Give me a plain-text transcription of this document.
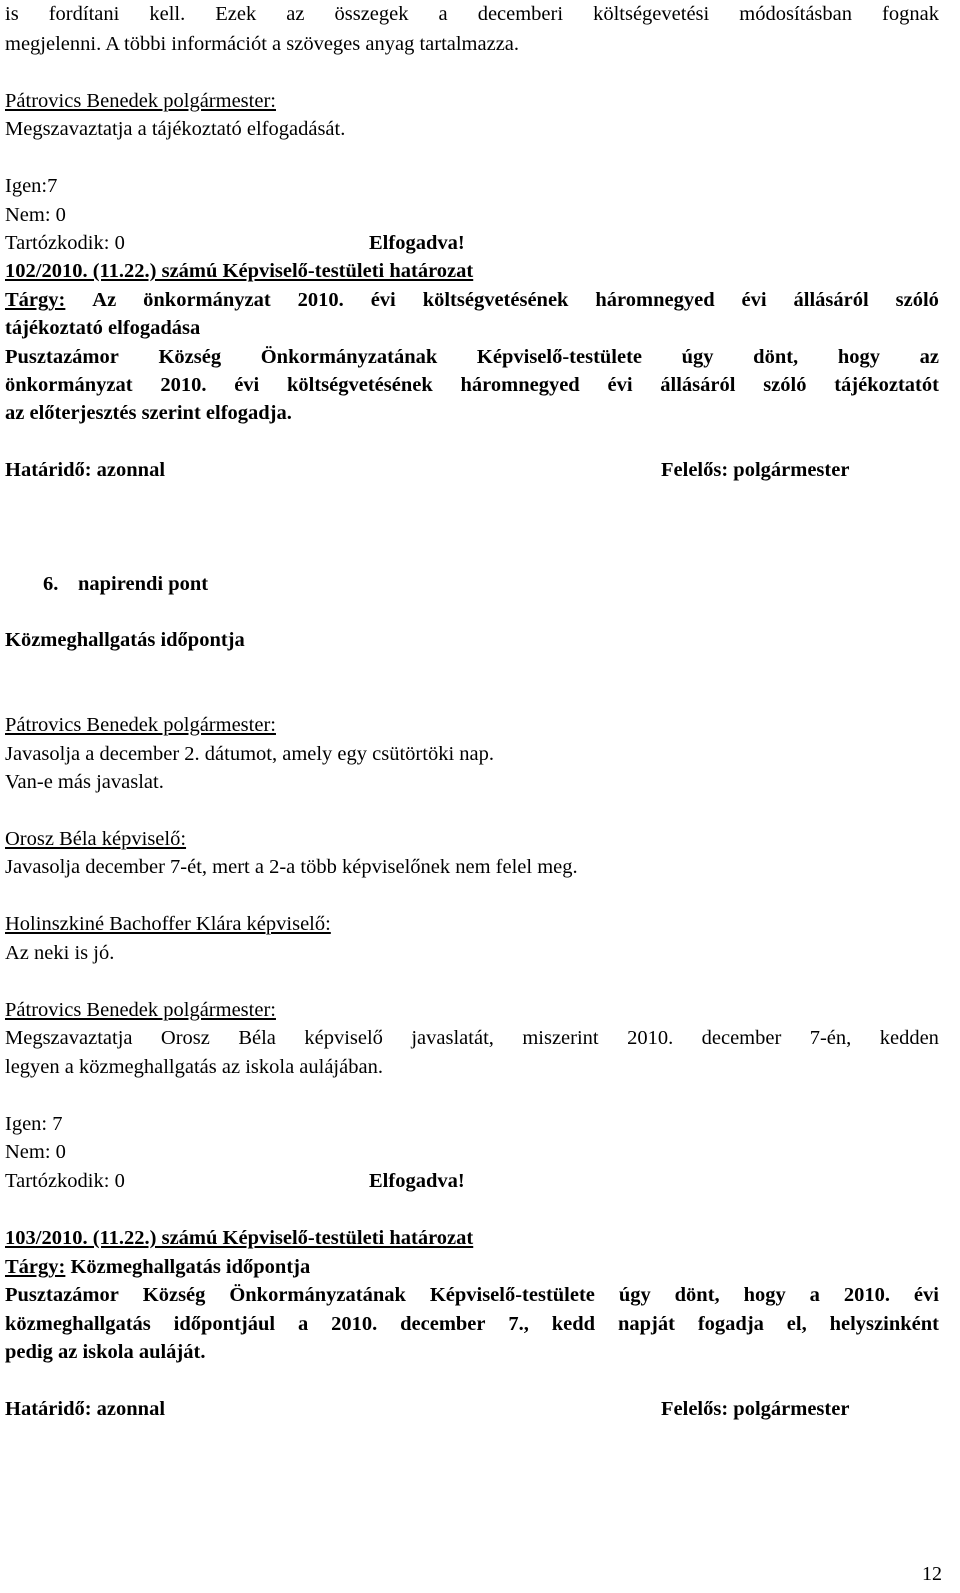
is fordítani kell. Ezek az összegek a decemberi költségevetési módosításban fognak
megjelenni. A többi információt a szöveges anyag tartalmazza.
Pátrovics Benedek polgármester:
Megszavaztatja a tájékoztató elfogadását.
Igen:7
Nem: 0
Tartózkodik: 0	Elfogadva!
102/2010. (11.22.) számú Képviselő-testületi határozat
Tárgy: Az önkormányzat 2010. évi költségvetésének háromnegyed évi állásáról szóló
tájékoztató elfogadása
Pusztazámor Község Önkormányzatának Képviselő-testülete úgy dönt, hogy az
önkormányzat 2010. évi költségvetésének háromnegyed évi állásáról szóló tájékoztatót
az előterjesztés szerint elfogadja.
Határidő: azonnal	Felelős: polgármester
6. napirendi pont
Közmeghallgatás időpontja
Pátrovics Benedek polgármester:
Javasolja a december 2. dátumot, amely egy csütörtöki nap.
Van-e más javaslat.
Orosz Béla képviselő:
Javasolja december 7-ét, mert a 2-a több képviselőnek nem felel meg.
Holinszkiné Bachoffer Klára képviselő:
Az neki is jó.
Pátrovics Benedek polgármester:
Megszavaztatja Orosz Béla képviselő javaslatát, miszerint 2010. december 7-én, kedden
legyen a közmeghallgatás az iskola aulájában.
Igen: 7
Nem: 0
Tartózkodik: 0	Elfogadva!
103/2010. (11.22.) számú Képviselő-testületi határozat
Tárgy: Közmeghallgatás időpontja
Pusztazámor Község Önkormányzatának Képviselő-testülete úgy dönt, hogy a 2010. évi
közmeghallgatás időpontjául a 2010. december 7., kedd napját fogadja el, helyszinként
pedig az iskola auláját.
Határidő: azonnal	Felelős: polgármester
12
